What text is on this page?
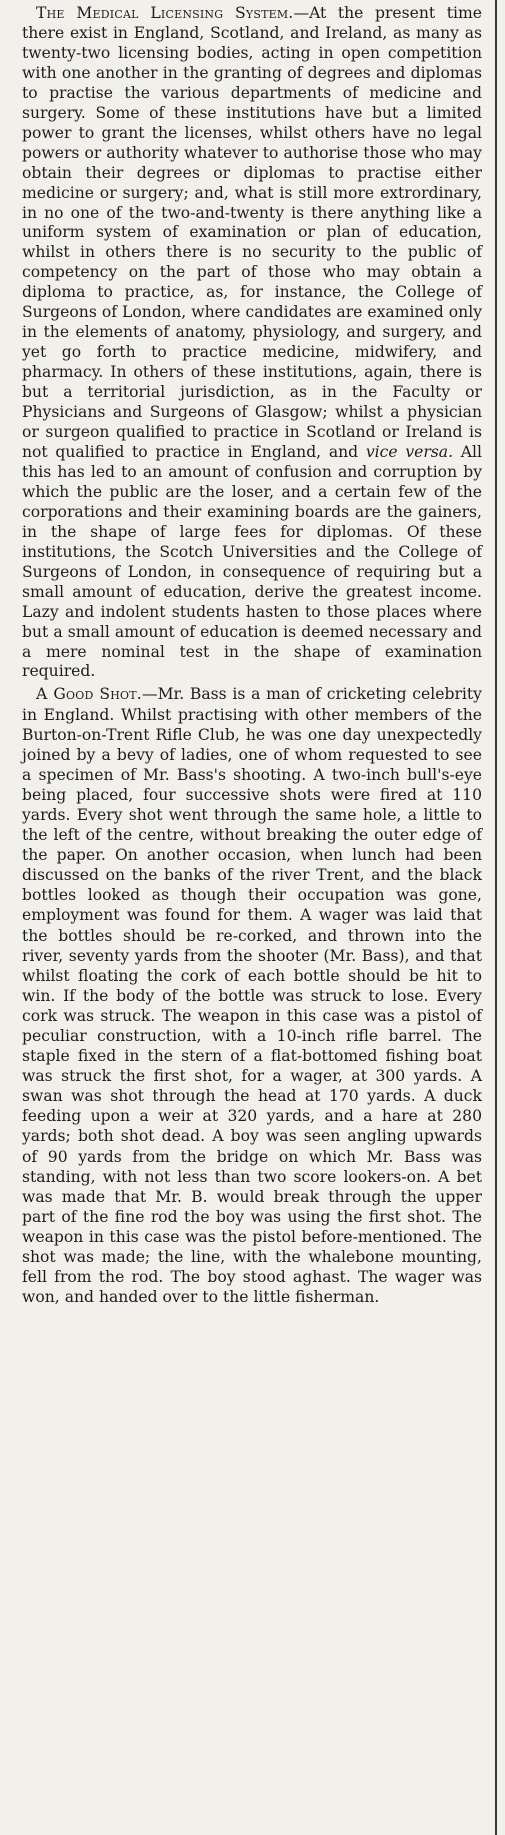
The Medical Licensing System.—At the present time there exist in England, Scotland, and Ireland, as many as twenty-two licensing bodies, acting in open competition with one another in the granting of degrees and diplomas to practise the various departments of medicine and surgery. Some of these institutions have but a limited power to grant the licenses, whilst others have no legal powers or authority whatever to authorise those who may obtain their degrees or diplomas to practise either medicine or surgery; and, what is still more extrordinary, in no one of the two-and-twenty is there anything like a uniform system of examination or plan of education, whilst in others there is no security to the public of competency on the part of those who may obtain a diploma to practice, as, for instance, the College of Surgeons of London, where candidates are examined only in the elements of anatomy, physiology, and surgery, and yet go forth to practice medicine, midwifery, and pharmacy. In others of these institutions, again, there is but a territorial jurisdiction, as in the Faculty or Physicians and Surgeons of Glasgow; whilst a physician or surgeon qualified to practice in Scotland or Ireland is not qualified to practice in England, and vice versa. All this has led to an amount of confusion and corruption by which the public are the loser, and a certain few of the corporations and their examining boards are the gainers, in the shape of large fees for diplomas. Of these institutions, the Scotch Universities and the College of Surgeons of London, in consequence of requiring but a small amount of education, derive the greatest income. Lazy and indolent students hasten to those places where but a small amount of education is deemed necessary and a mere nominal test in the shape of examination required.

A Good Shot.—Mr. Bass is a man of cricketing celebrity in England. Whilst practising with other members of the Burton-on-Trent Rifle Club, he was one day unexpectedly joined by a bevy of ladies, one of whom requested to see a specimen of Mr. Bass's shooting. A two-inch bull's-eye being placed, four successive shots were fired at 110 yards. Every shot went through the same hole, a little to the left of the centre, without breaking the outer edge of the paper. On another occasion, when lunch had been discussed on the banks of the river Trent, and the black bottles looked as though their occupation was gone, employment was found for them. A wager was laid that the bottles should be re-corked, and thrown into the river, seventy yards from the shooter (Mr. Bass), and that whilst floating the cork of each bottle should be hit to win. If the body of the bottle was struck to lose. Every cork was struck. The weapon in this case was a pistol of peculiar construction, with a 10-inch rifle barrel. The staple fixed in the stern of a flat-bottomed fishing boat was struck the first shot, for a wager, at 300 yards. A swan was shot through the head at 170 yards. A duck feeding upon a weir at 320 yards, and a hare at 280 yards; both shot dead. A boy was seen angling upwards of 90 yards from the bridge on which Mr. Bass was standing, with not less than two score lookers-on. A bet was made that Mr. B. would break through the upper part of the fine rod the boy was using the first shot. The weapon in this case was the pistol before-mentioned. The shot was made; the line, with the whalebone mounting, fell from the rod. The boy stood aghast. The wager was won, and handed over to the little fisherman.
